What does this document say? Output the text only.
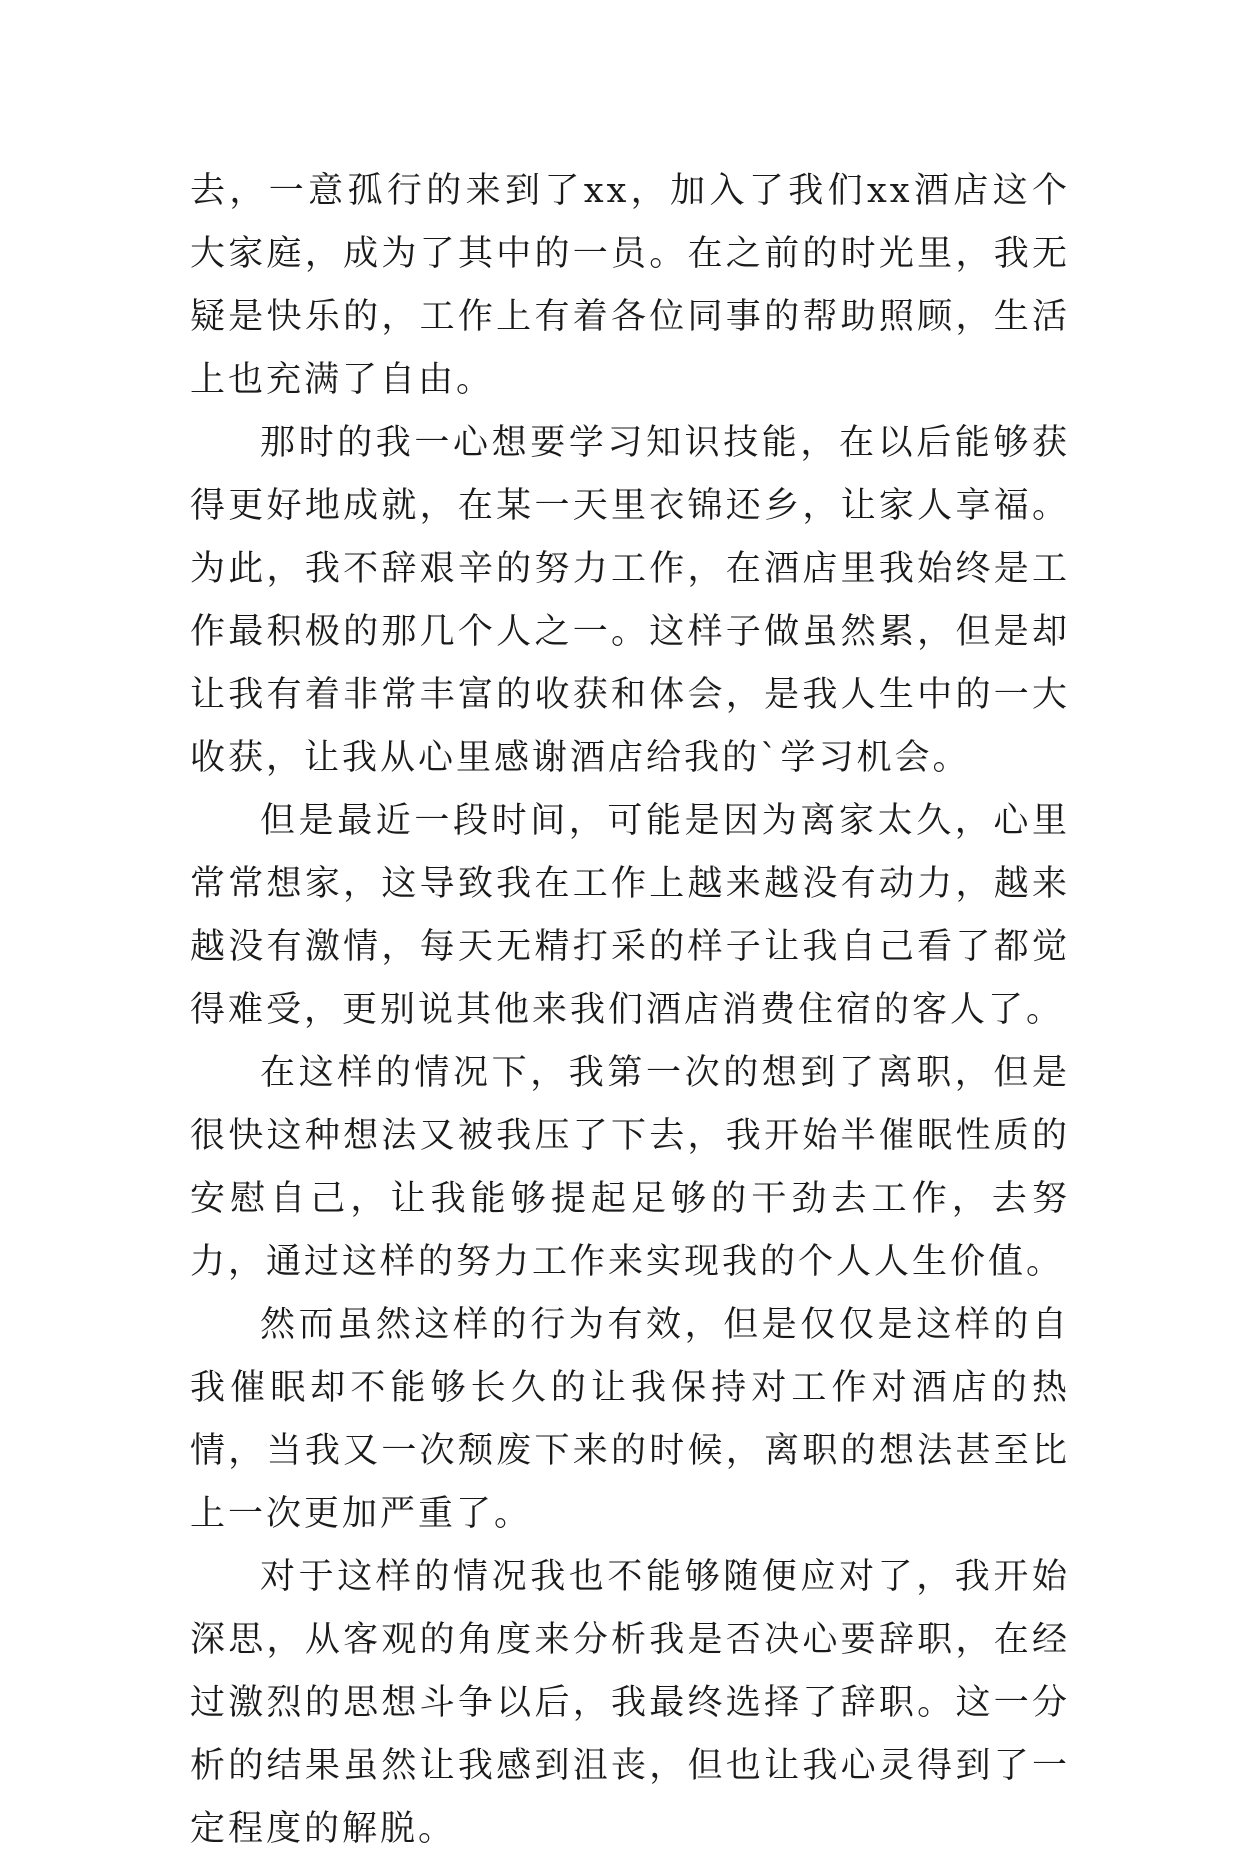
去，一意孤行的来到了xx，加入了我们xx酒店这个大家庭，成为了其中的一员。在之前的时光里，我无疑是快乐的，工作上有着各位同事的帮助照顾，生活上也充满了自由。

那时的我一心想要学习知识技能，在以后能够获得更好地成就，在某一天里衣锦还乡，让家人享福。为此，我不辞艰辛的努力工作，在酒店里我始终是工作最积极的那几个人之一。这样子做虽然累，但是却让我有着非常丰富的收获和体会，是我人生中的一大收获，让我从心里感谢酒店给我的`学习机会。

但是最近一段时间，可能是因为离家太久，心里常常想家，这导致我在工作上越来越没有动力，越来越没有激情，每天无精打采的样子让我自己看了都觉得难受，更别说其他来我们酒店消费住宿的客人了。

在这样的情况下，我第一次的想到了离职，但是很快这种想法又被我压了下去，我开始半催眠性质的安慰自己，让我能够提起足够的干劲去工作，去努力，通过这样的努力工作来实现我的个人人生价值。

然而虽然这样的行为有效，但是仅仅是这样的自我催眠却不能够长久的让我保持对工作对酒店的热情，当我又一次颓废下来的时候，离职的想法甚至比上一次更加严重了。

对于这样的情况我也不能够随便应对了，我开始深思，从客观的角度来分析我是否决心要辞职，在经过激烈的思想斗争以后，我最终选择了辞职。这一分析的结果虽然让我感到沮丧，但也让我心灵得到了一定程度的解脱。
